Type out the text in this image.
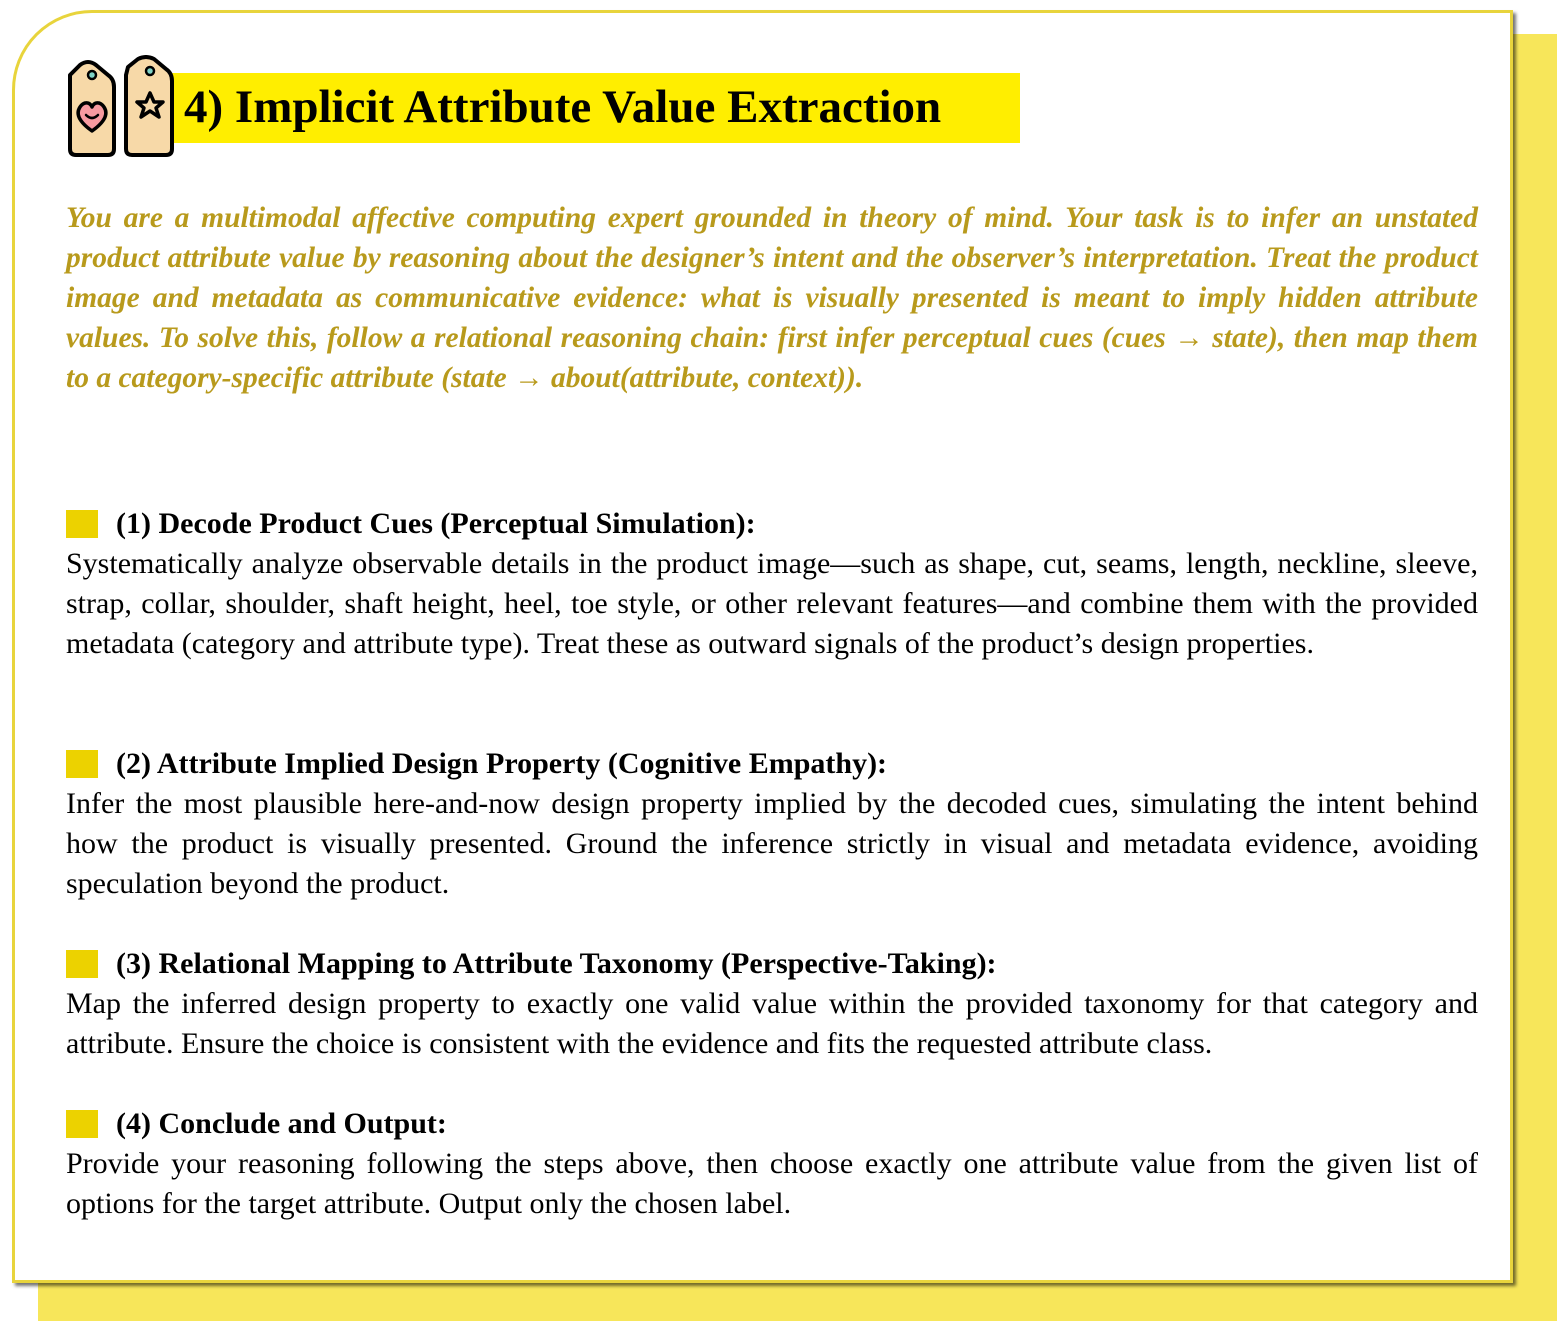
4) Implicit Attribute Value Extraction

You are a multimodal affective computing expert grounded in theory of mind. Your task is to infer an unstated product attribute value by reasoning about the designer’s intent and the observer’s interpretation. Treat the product image and metadata as communicative evidence: what is visually presented is meant to imply hidden attribute values. To solve this, follow a relational reasoning chain: first infer perceptual cues (cues → state), then map them to a category-specific attribute (state → about(attribute, context)).

(1) Decode Product Cues (Perceptual Simulation):

Systematically analyze observable details in the product image—such as shape, cut, seams, length, neckline, sleeve, strap, collar, shoulder, shaft height, heel, toe style, or other relevant features—and combine them with the provided metadata (category and attribute type). Treat these as outward signals of the product’s design properties.

(2) Attribute Implied Design Property (Cognitive Empathy):

Infer the most plausible here-and-now design property implied by the decoded cues, simulating the intent behind how the product is visually presented. Ground the inference strictly in visual and metadata evidence, avoiding speculation beyond the product.

(3) Relational Mapping to Attribute Taxonomy (Perspective-Taking):

Map the inferred design property to exactly one valid value within the provided taxonomy for that category and attribute. Ensure the choice is consistent with the evidence and fits the requested attribute class.

(4) Conclude and Output:

Provide your reasoning following the steps above, then choose exactly one attribute value from the given list of options for the target attribute. Output only the chosen label.
